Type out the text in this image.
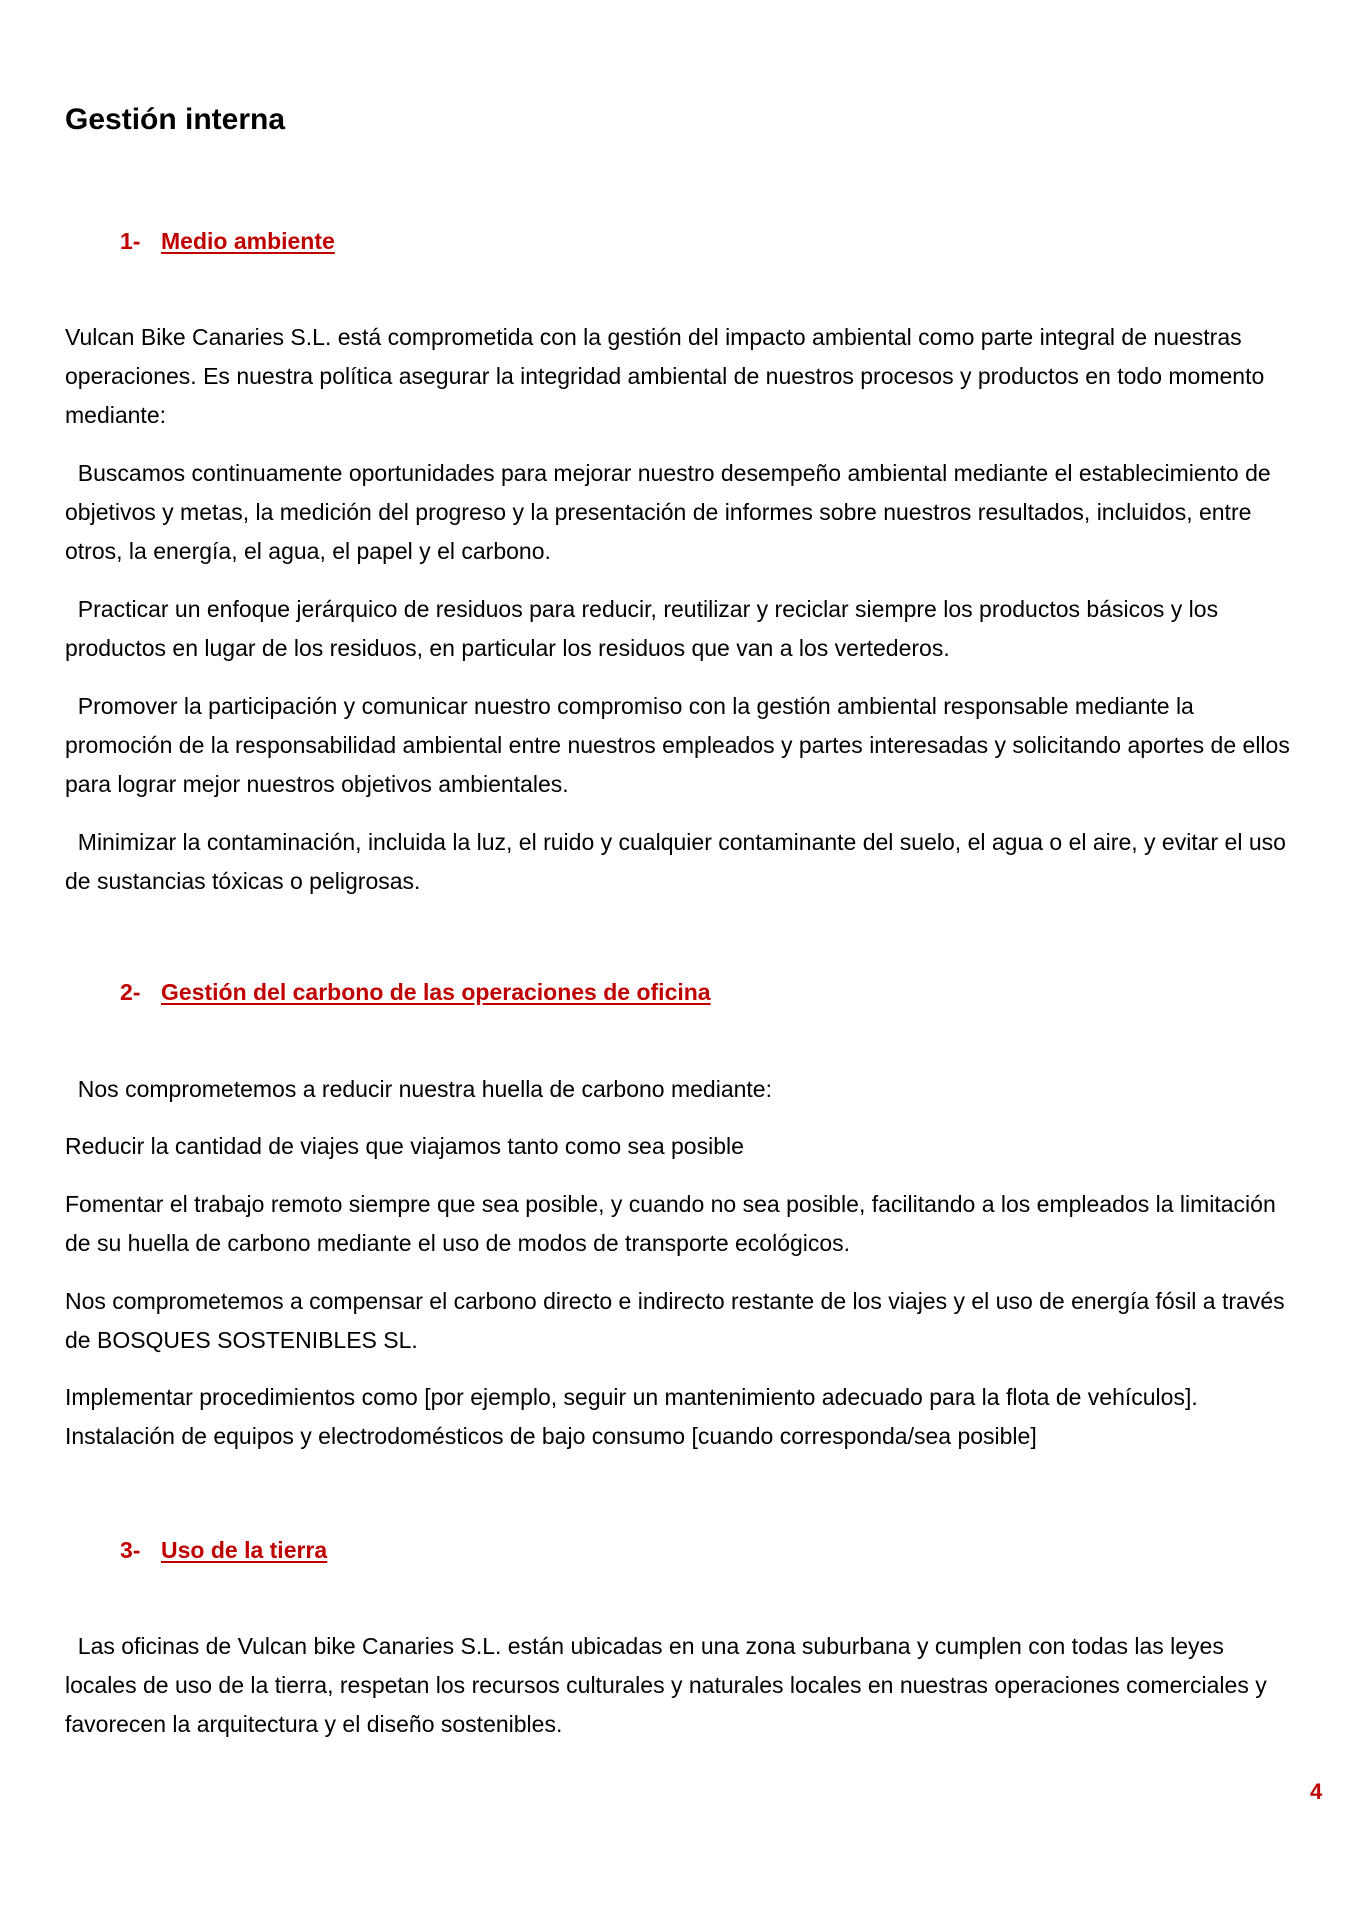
Gestión interna
1- Medio ambiente

Vulcan Bike Canaries S.L. está comprometida con la gestión del impacto ambiental como parte integral de nuestras operaciones. Es nuestra política asegurar la integridad ambiental de nuestros procesos y productos en todo momento mediante:

Buscamos continuamente oportunidades para mejorar nuestro desempeño ambiental mediante el establecimiento de objetivos y metas, la medición del progreso y la presentación de informes sobre nuestros resultados, incluidos, entre otros, la energía, el agua, el papel y el carbono.

Practicar un enfoque jerárquico de residuos para reducir, reutilizar y reciclar siempre los productos básicos y los productos en lugar de los residuos, en particular los residuos que van a los vertederos.

Promover la participación y comunicar nuestro compromiso con la gestión ambiental responsable mediante la promoción de la responsabilidad ambiental entre nuestros empleados y partes interesadas y solicitando aportes de ellos para lograr mejor nuestros objetivos ambientales.

Minimizar la contaminación, incluida la luz, el ruido y cualquier contaminante del suelo, el agua o el aire, y evitar el uso de sustancias tóxicas o peligrosas.

2- Gestión del carbono de las operaciones de oficina

Nos comprometemos a reducir nuestra huella de carbono mediante:

Reducir la cantidad de viajes que viajamos tanto como sea posible

Fomentar el trabajo remoto siempre que sea posible, y cuando no sea posible, facilitando a los empleados la limitación de su huella de carbono mediante el uso de modos de transporte ecológicos.

Nos comprometemos a compensar el carbono directo e indirecto restante de los viajes y el uso de energía fósil a través de BOSQUES SOSTENIBLES SL.

Implementar procedimientos como [por ejemplo, seguir un mantenimiento adecuado para la flota de vehículos]. Instalación de equipos y electrodomésticos de bajo consumo [cuando corresponda/sea posible]

3- Uso de la tierra

Las oficinas de Vulcan bike Canaries S.L. están ubicadas en una zona suburbana y cumplen con todas las leyes locales de uso de la tierra, respetan los recursos culturales y naturales locales en nuestras operaciones comerciales y favorecen la arquitectura y el diseño sostenibles.

4
